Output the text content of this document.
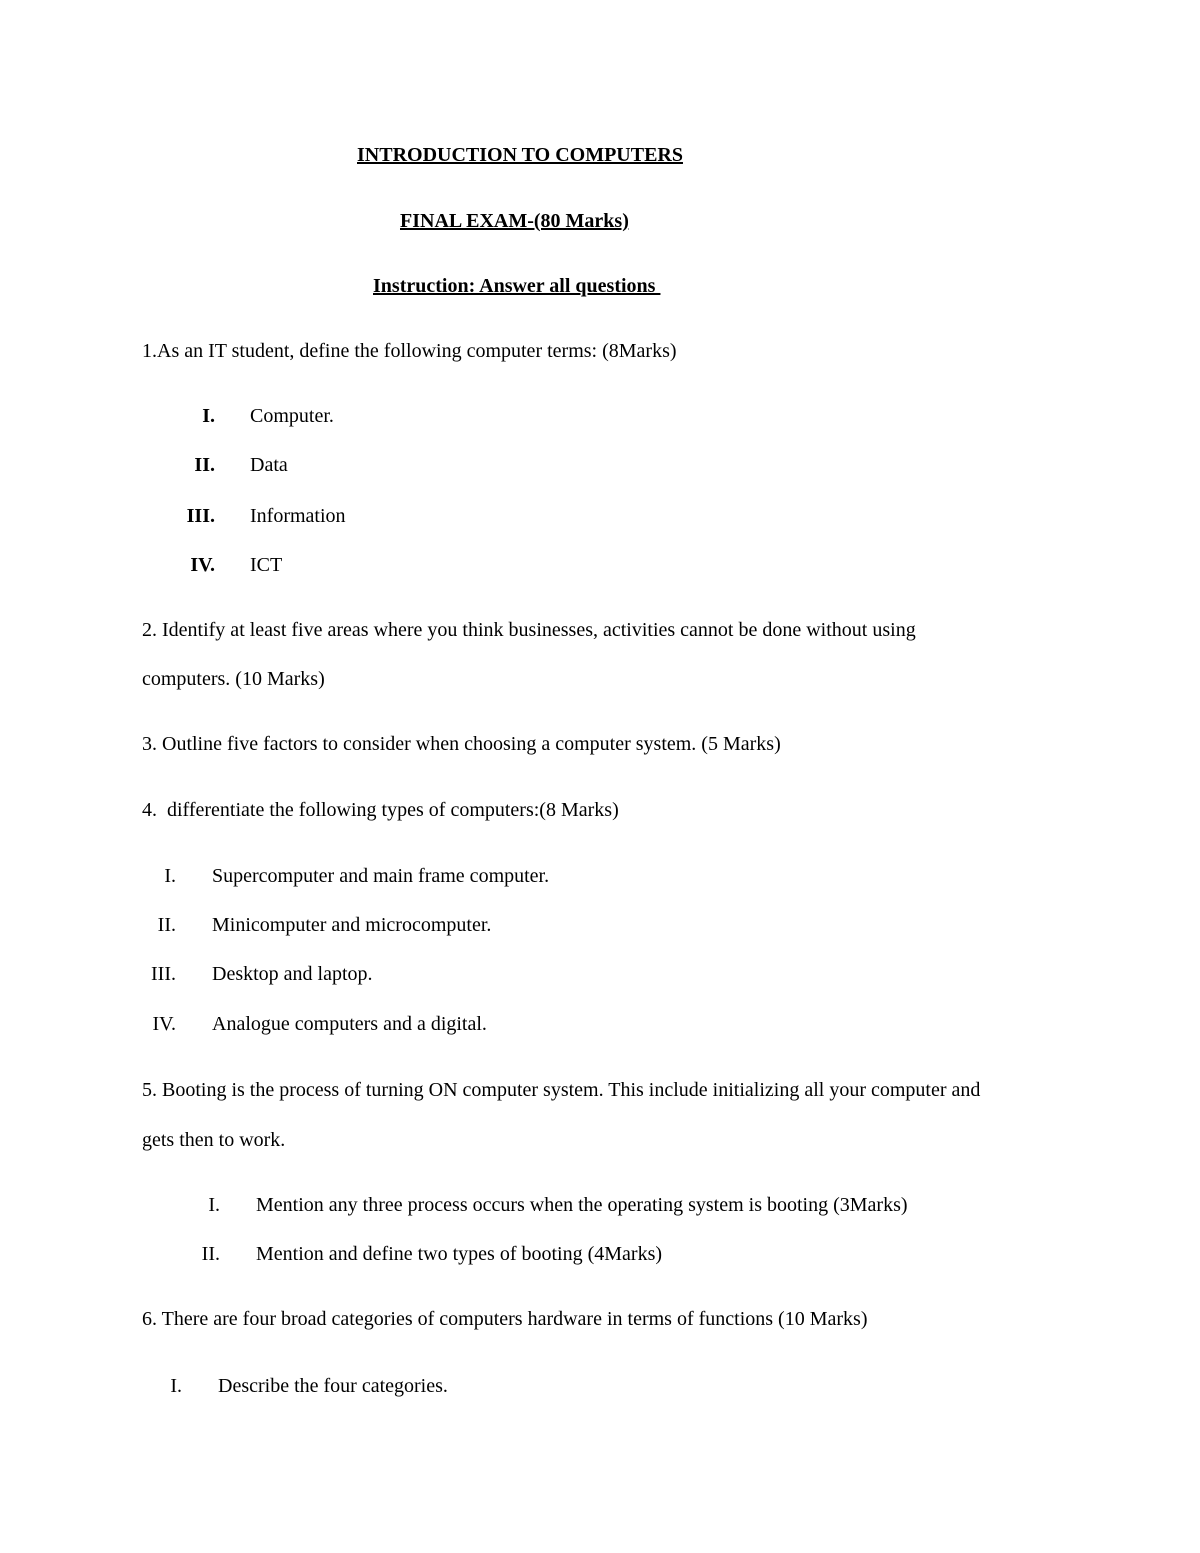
INTRODUCTION TO COMPUTERS
FINAL EXAM-(80 Marks)
Instruction: Answer all questions
1.As an IT student, define the following computer terms: (8Marks)
I. Computer.
II. Data
III. Information
IV. ICT
2. Identify at least five areas where you think businesses, activities cannot be done without using
computers. (10 Marks)
3. Outline five factors to consider when choosing a computer system. (5 Marks)
4.  differentiate the following types of computers:(8 Marks)
I. Supercomputer and main frame computer.
II. Minicomputer and microcomputer.
III. Desktop and laptop.
IV. Analogue computers and a digital.
5. Booting is the process of turning ON computer system. This include initializing all your computer and
gets then to work.
I. Mention any three process occurs when the operating system is booting (3Marks)
II. Mention and define two types of booting (4Marks)
6. There are four broad categories of computers hardware in terms of functions (10 Marks)
I. Describe the four categories.
